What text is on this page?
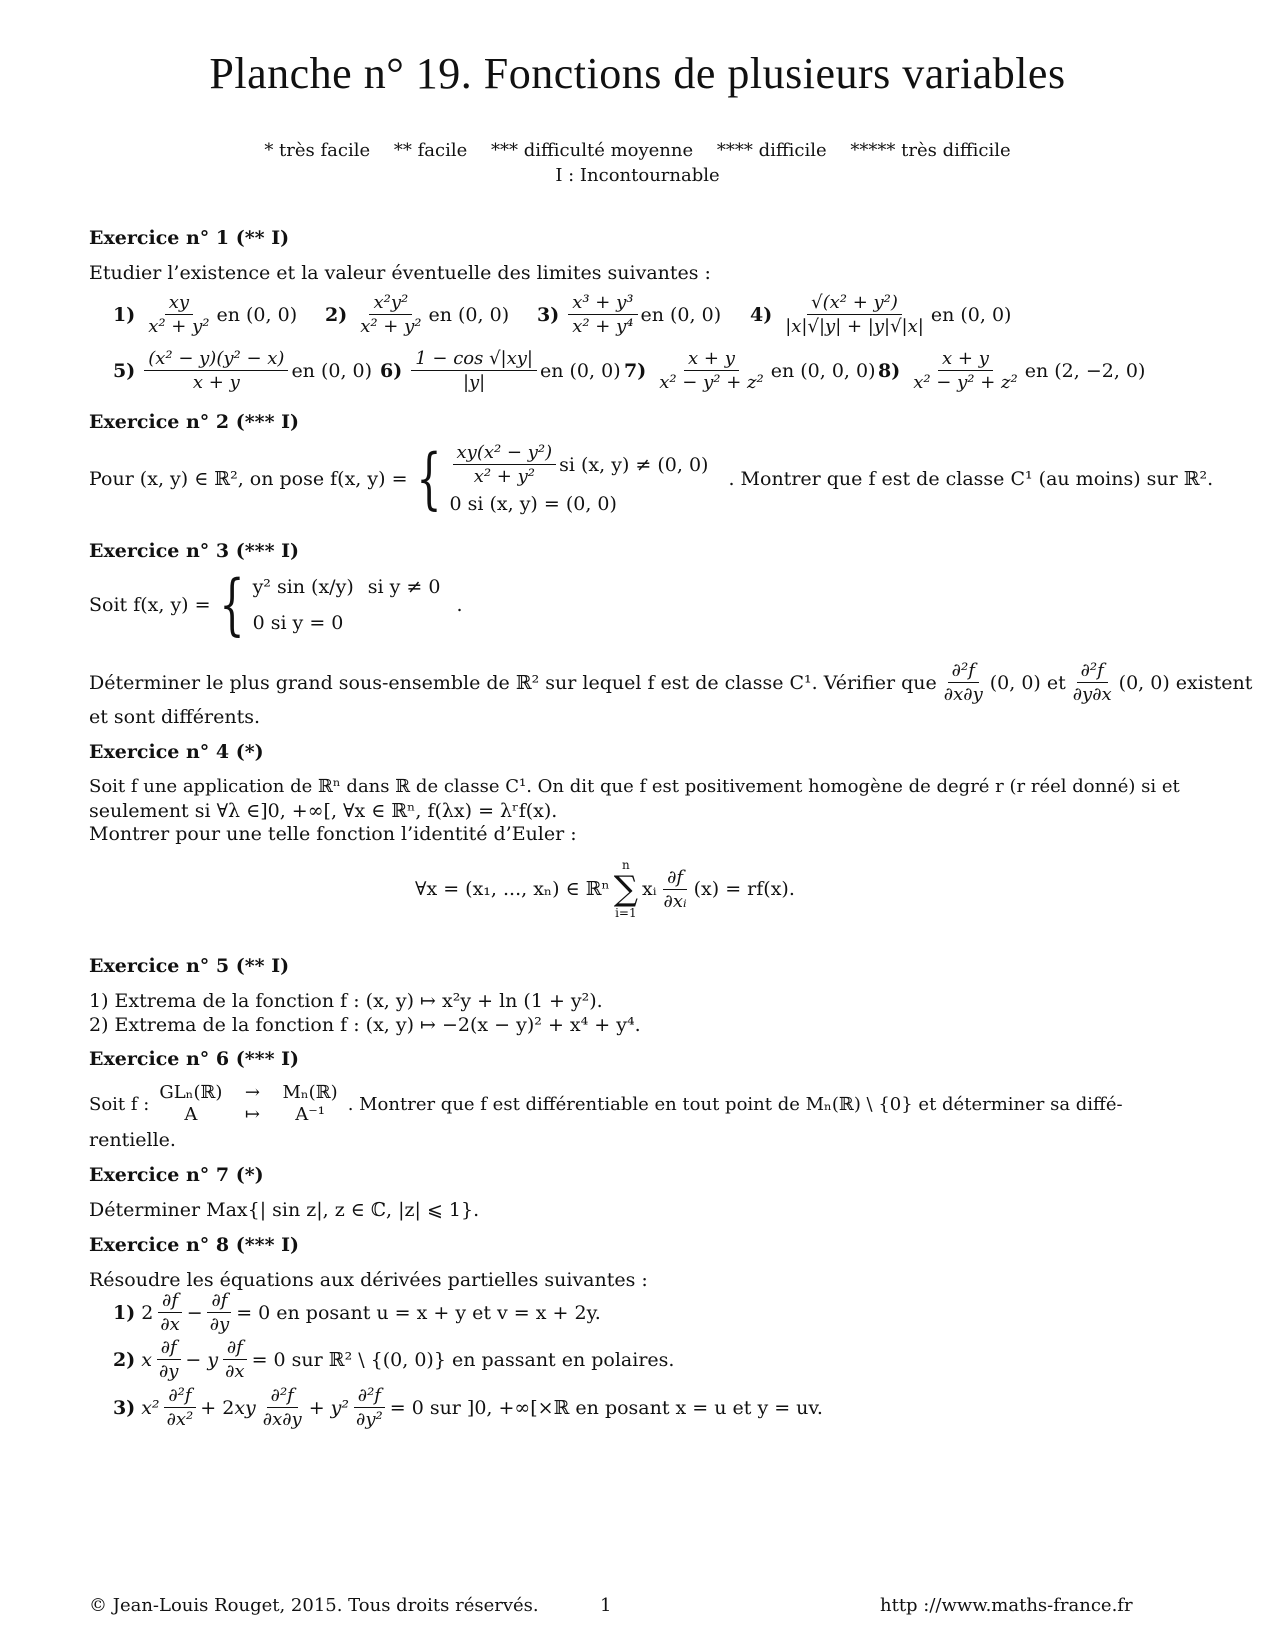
Planche n° 19. Fonctions de plusieurs variables
* très facile ** facile *** difficulté moyenne **** difficile ***** très difficile
I : Incontournable
Exercice n° 1 (** I)
Etudier l’existence et la valeur éventuelle des limites suivantes :
$1) \frac{xy}{\text{x² + y²}}$ en (0, 0) $2) \frac{\text{x²y²}}{\text{x² + y²}}$ en (0, 0) $3) \frac{\text{x³ + y³}}{\text{x² + y⁴}}$ en (0, 0) $4) \frac{\text{√(x² + y²)}}{|x|√|y| + |y|√|x|}$ en (0, 0)
$5) \frac{\text{(x² − y)(y² − x)}}{x + y}$ en (0, 0) $6) \frac{1 - \cos √|xy|}{|y|}$ en (0, 0) $7) \frac{x + y}{\text{x² − y² + z²}}$ en (0, 0, 0) $8) \frac{x + y}{\text{x² − y² + z²}}$ en (2, −2, 0)
Exercice n° 2 (*** I)
Pour (x, y) ∈ ℝ², on pose f(x, y) = { $\frac{\text{xy(x² − y²)}}{\text{x² + y²}}$ si (x, y) ≠ (0, 0)
0 si (x, y) = (0, 0)
. Montrer que f est de classe C¹ (au moins) sur ℝ².
Exercice n° 3 (*** I)
Soit f(x, y) = { y² sin (x/y) si y ≠ 0
0 si y = 0
.
Déterminer le plus grand sous-ensemble de ℝ² sur lequel f est de classe C¹. Vérifier que $\frac{\text{∂²f}}{\partial x\partial y} (0$, 0) et $\frac{\text{∂²f}}{\partial y\partial x} (0$, 0) existent
et sont différents.
Exercice n° 4 (*)
Soit f une application de ℝⁿ dans ℝ de classe C¹. On dit que f est positivement homogène de degré r (r réel donné) si et
seulement si ∀λ ∈]0, +∞[, ∀x ∈ ℝⁿ, f(λx) = λʳf(x).
Montrer pour une telle fonction l’identité d’Euler :
∀x = (x₁, ..., xₙ) ∈ ℝⁿ
n
∑
i=1
xᵢ $\frac{\partial f}{\text{∂xᵢ}} (x) = rf(x)$.
Exercice n° 5 (** I)
1) Extrema de la fonction f : (x, y) ↦ x²y + ln (1 + y²).
2) Extrema de la fonction f : (x, y) ↦ −2(x − y)² + x⁴ + y⁴.
Exercice n° 6 (*** I)
Soit f :
GLₙ(ℝ)	→	Mₙ(ℝ)
A	↦	A⁻¹	. Montrer que f est différentiable en tout point de Mₙ(ℝ) \ {0} et déterminer sa diffé-
rentielle.
Exercice n° 7 (*)
Déterminer Max{| sin z|, z ∈ ℂ, |z| ⩽ 1}.
Exercice n° 8 (*** I)
Résoudre les équations aux dérivées partielles suivantes :
1) $2 \frac{\partial f}{\partial x} - \frac{\partial f}{\partial y} = 0$ en posant u = x + y et v = x + 2y.
2) x $\frac{\partial f}{\partial y} - y \frac{\partial f}{\partial x} = 0$ sur ℝ² \ {(0, 0)} en passant en polaires.
3) $x^2 \frac{\text{∂²f}}{\text{∂x²}} + 2xy \frac{\text{∂²f}}{\partial x\partial y} + y^2 \frac{\text{∂²f}}{\text{∂y²}} = 0$ sur ]0, +∞[×ℝ en posant x = u et y = uv.
© Jean-Louis Rouget, 2015. Tous droits réservés.	1	http ://www.maths-france.fr
